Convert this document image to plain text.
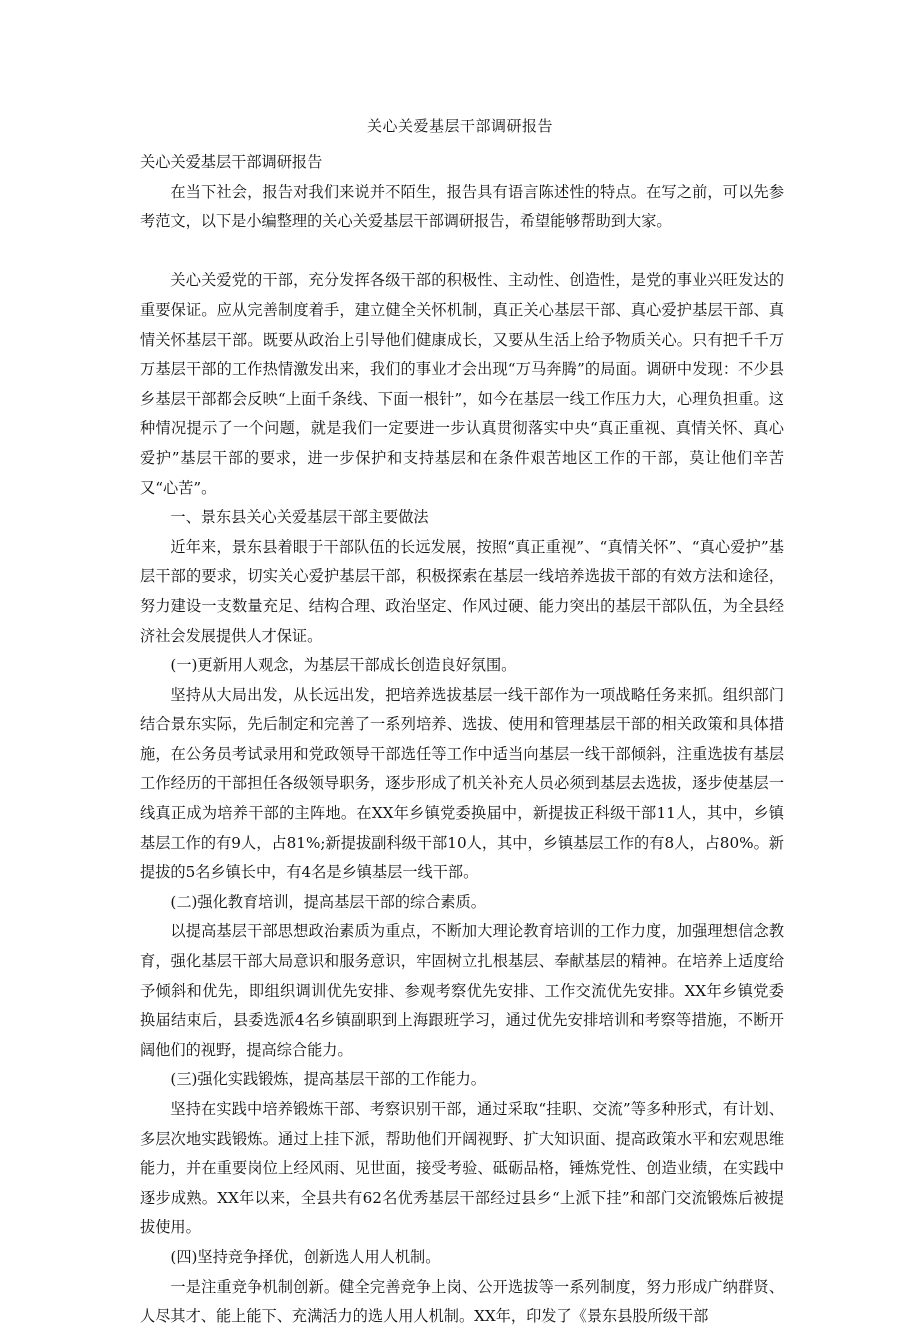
关心关爱基层干部调研报告

关心关爱基层干部调研报告

在当下社会，报告对我们来说并不陌生，报告具有语言陈述性的特点。在写之前，可以先参考范文，以下是小编整理的关心关爱基层干部调研报告，希望能够帮助到大家。

关心关爱党的干部，充分发挥各级干部的积极性、主动性、创造性，是党的事业兴旺发达的重要保证。应从完善制度着手，建立健全关怀机制，真正关心基层干部、真心爱护基层干部、真情关怀基层干部。既要从政治上引导他们健康成长，又要从生活上给予物质关心。只有把千千万万基层干部的工作热情激发出来，我们的事业才会出现“万马奔腾”的局面。调研中发现：不少县乡基层干部都会反映“上面千条线、下面一根针”，如今在基层一线工作压力大，心理负担重。这种情况提示了一个问题，就是我们一定要进一步认真贯彻落实中央“真正重视、真情关怀、真心爱护”基层干部的要求，进一步保护和支持基层和在条件艰苦地区工作的干部，莫让他们辛苦又“心苦”。

一、景东县关心关爱基层干部主要做法

近年来，景东县着眼于干部队伍的长远发展，按照“真正重视”、“真情关怀”、“真心爱护”基层干部的要求，切实关心爱护基层干部，积极探索在基层一线培养选拔干部的有效方法和途径，努力建设一支数量充足、结构合理、政治坚定、作风过硬、能力突出的基层干部队伍，为全县经济社会发展提供人才保证。

(一)更新用人观念，为基层干部成长创造良好氛围。

坚持从大局出发，从长远出发，把培养选拔基层一线干部作为一项战略任务来抓。组织部门结合景东实际，先后制定和完善了一系列培养、选拔、使用和管理基层干部的相关政策和具体措施，在公务员考试录用和党政领导干部选任等工作中适当向基层一线干部倾斜，注重选拔有基层工作经历的干部担任各级领导职务，逐步形成了机关补充人员必须到基层去选拔，逐步使基层一线真正成为培养干部的主阵地。在XX年乡镇党委换届中，新提拔正科级干部11人，其中，乡镇基层工作的有9人，占81%;新提拔副科级干部10人，其中，乡镇基层工作的有8人，占80%。新提拔的5名乡镇长中，有4名是乡镇基层一线干部。

(二)强化教育培训，提高基层干部的综合素质。

以提高基层干部思想政治素质为重点，不断加大理论教育培训的工作力度，加强理想信念教育，强化基层干部大局意识和服务意识，牢固树立扎根基层、奉献基层的精神。在培养上适度给予倾斜和优先，即组织调训优先安排、参观考察优先安排、工作交流优先安排。XX年乡镇党委换届结束后，县委选派4名乡镇副职到上海跟班学习，通过优先安排培训和考察等措施，不断开阔他们的视野，提高综合能力。

(三)强化实践锻炼，提高基层干部的工作能力。

坚持在实践中培养锻炼干部、考察识别干部，通过采取“挂职、交流”等多种形式，有计划、多层次地实践锻炼。通过上挂下派，帮助他们开阔视野、扩大知识面、提高政策水平和宏观思维能力，并在重要岗位上经风雨、见世面，接受考验、砥砺品格，锤炼党性、创造业绩，在实践中逐步成熟。XX年以来，全县共有62名优秀基层干部经过县乡“上派下挂”和部门交流锻炼后被提拔使用。

(四)坚持竞争择优，创新选人用人机制。

一是注重竞争机制创新。健全完善竞争上岗、公开选拔等一系列制度，努力形成广纳群贤、人尽其才、能上能下、充满活力的选人用人机制。XX年，印发了《景东县股所级干部
